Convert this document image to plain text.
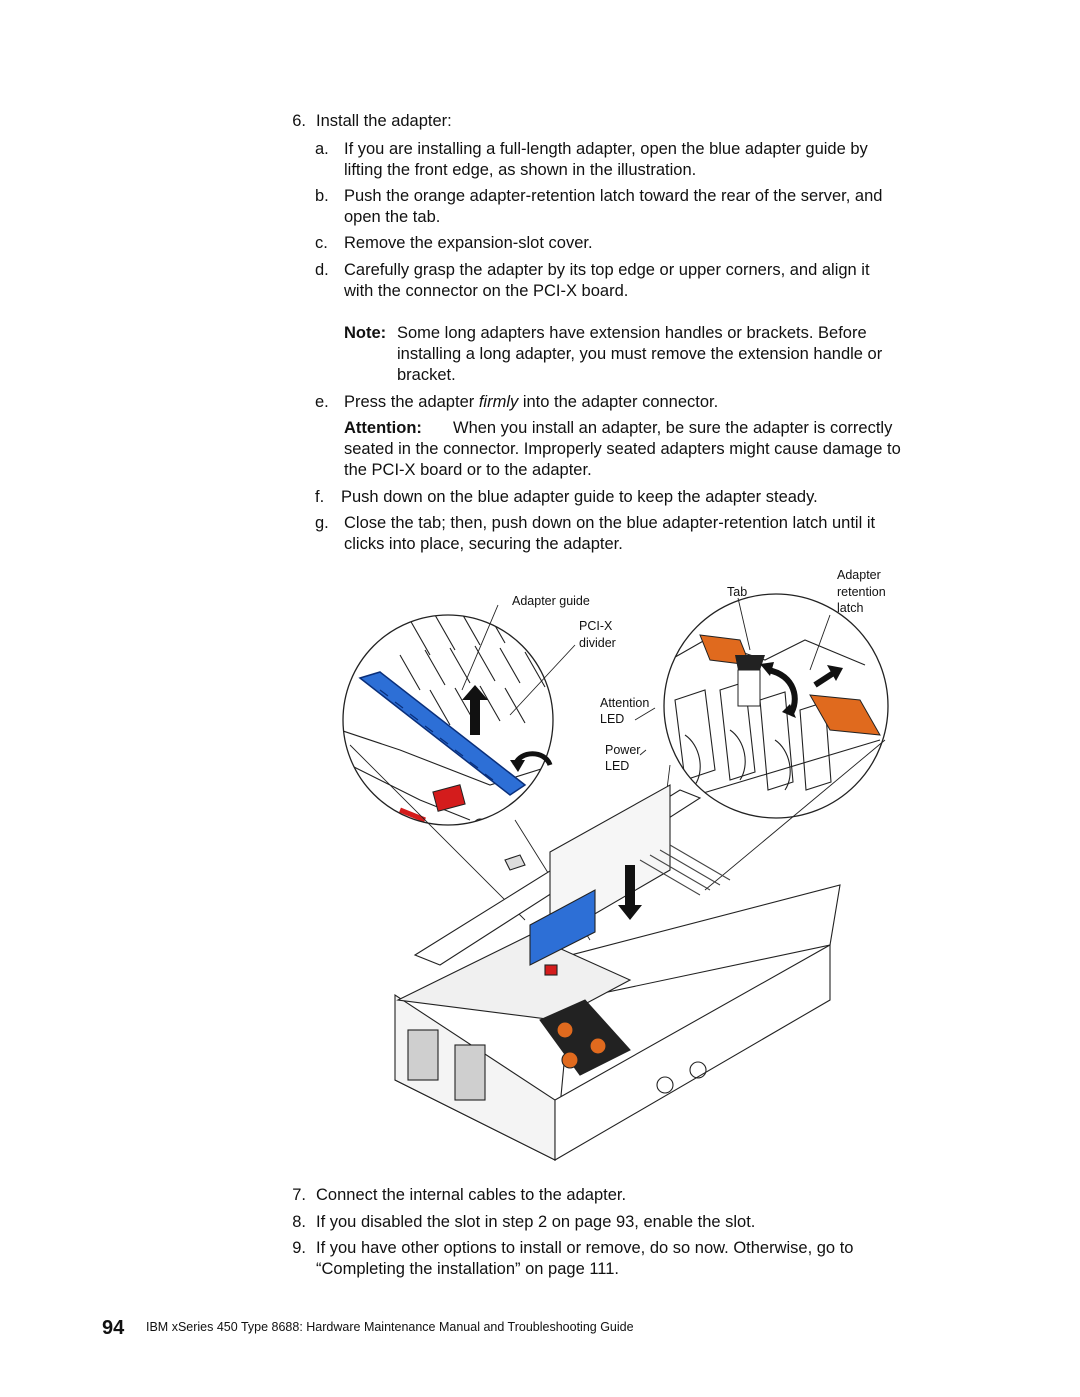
6. Install the adapter:
a. If you are installing a full-length adapter, open the blue adapter guide by
lifting the front edge, as shown in the illustration.
b. Push the orange adapter-retention latch toward the rear of the server, and
open the tab.
c. Remove the expansion-slot cover.
d. Carefully grasp the adapter by its top edge or upper corners, and align it
with the connector on the PCI-X board.
Note: Some long adapters have extension handles or brackets. Before
installing a long adapter, you must remove the extension handle or
bracket.
e. Press the adapter firmly into the adapter connector.
Attention: When you install an adapter, be sure the adapter is correctly
seated in the connector. Improperly seated adapters might cause damage to
the PCI-X board or to the adapter.
f. Push down on the blue adapter guide to keep the adapter steady.
g. Close the tab; then, push down on the blue adapter-retention latch until it
clicks into place, securing the adapter.
Adapter guide
PCI-X
divider
Attention
LED
Power
LED
Tab
Adapter
retention
latch
7. Connect the internal cables to the adapter.
8. If you disabled the slot in step 2 on page 93, enable the slot.
9. If you have other options to install or remove, do so now. Otherwise, go to
“Completing the installation” on page 111.
94 IBM xSeries 450 Type 8688: Hardware Maintenance Manual and Troubleshooting Guide
